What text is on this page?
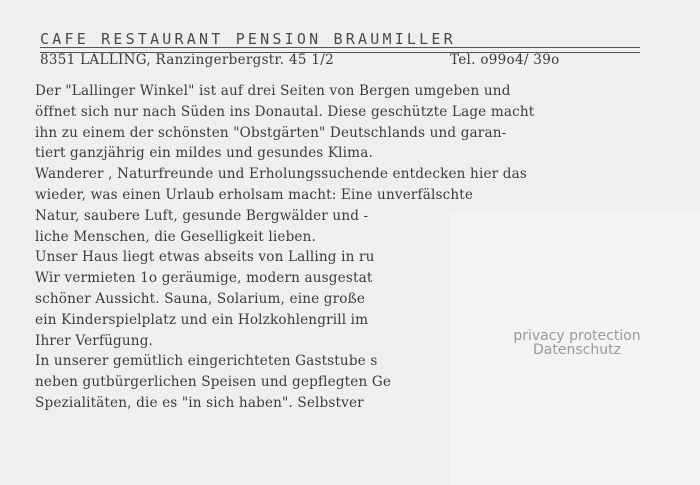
CAFE RESTAURANT PENSION BRAUMILLER
8351 LALLING, Ranzingerbergstr. 45 1/2	Tel. o99o4/ 39o
Der "Lallinger Winkel" ist auf drei Seiten von Bergen umgeben und
öffnet sich nur nach Süden ins Donautal. Diese geschützte Lage macht
ihn zu einem der schönsten "Obstgärten" Deutschlands und garan-
tiert ganzjährig ein mildes und gesundes Klima.
Wanderer , Naturfreunde und Erholungssuchende entdecken hier das
wieder, was einen Urlaub erholsam macht: Eine unverfälschte
Natur, saubere Luft, gesunde Bergwälder und -
liche Menschen, die Geselligkeit lieben.
Unser Haus liegt etwas abseits von Lalling in ru
Wir vermieten 1o geräumige, modern ausgestat
schöner Aussicht. Sauna, Solarium, eine große
ein Kinderspielplatz und ein Holzkohlengrill im
Ihrer Verfügung.
In unserer gemütlich eingerichteten Gaststube s
neben gutbürgerlichen Speisen und gepflegten Ge
Spezialitäten, die es "in sich haben". Selbstver
privacy protection
Datenschutz
